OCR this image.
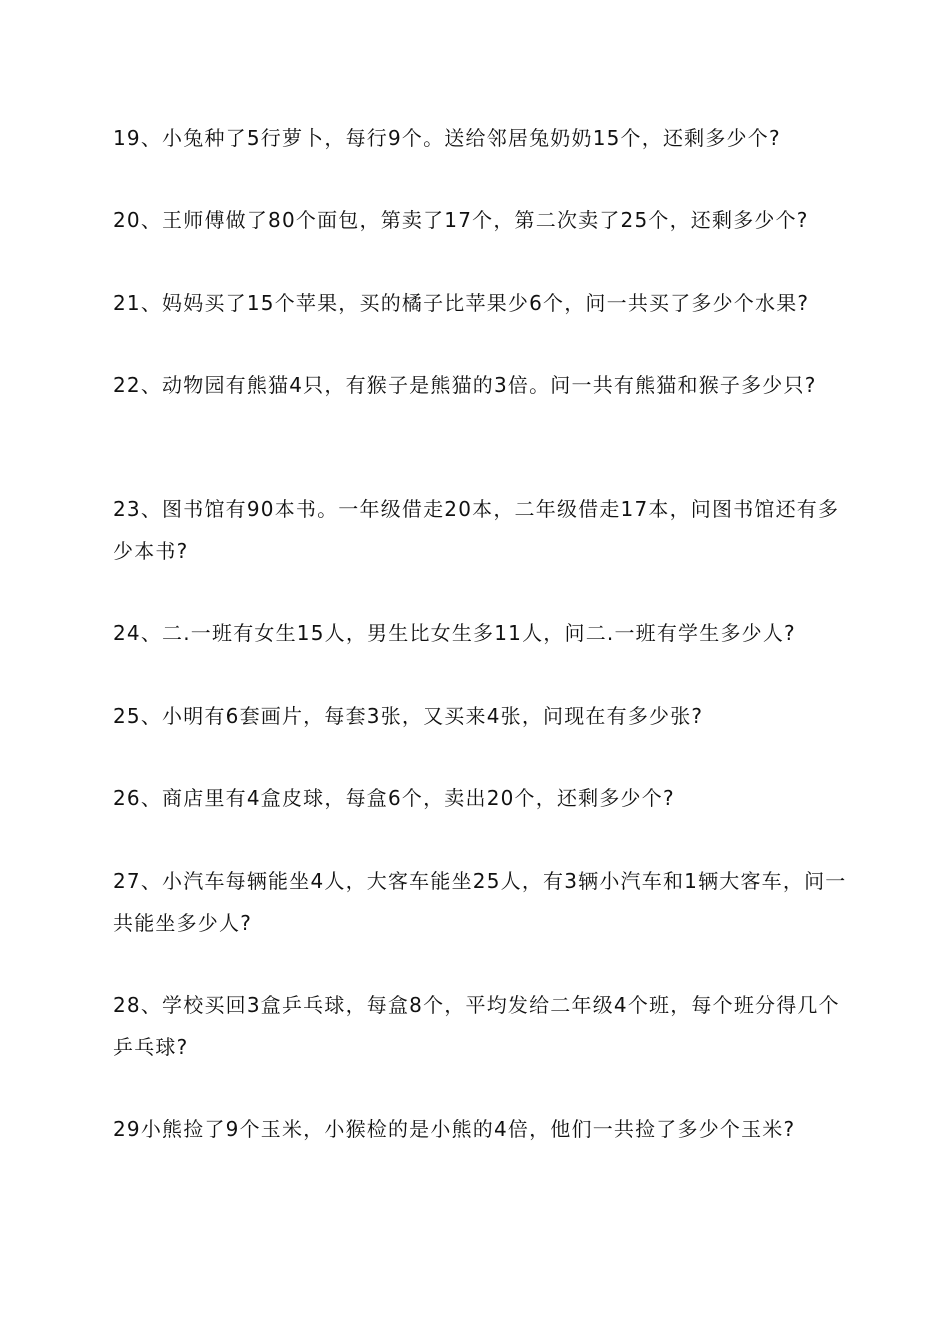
19、小兔种了5行萝卜，每行9个。送给邻居兔奶奶15个，还剩多少个?

20、王师傅做了80个面包，第卖了17个，第二次卖了25个，还剩多少个?

21、妈妈买了15个苹果，买的橘子比苹果少6个，问一共买了多少个水果?

22、动物园有熊猫4只，有猴子是熊猫的3倍。问一共有熊猫和猴子多少只?

23、图书馆有90本书。一年级借走20本，二年级借走17本，问图书馆还有多少本书?

24、二.一班有女生15人，男生比女生多11人，问二.一班有学生多少人?

25、小明有6套画片，每套3张，又买来4张，问现在有多少张?

26、商店里有4盒皮球，每盒6个，卖出20个，还剩多少个?

27、小汽车每辆能坐4人，大客车能坐25人，有3辆小汽车和1辆大客车，问一共能坐多少人?

28、学校买回3盒乒乓球，每盒8个，平均发给二年级4个班，每个班分得几个乒乓球?

29小熊捡了9个玉米，小猴检的是小熊的4倍，他们一共捡了多少个玉米?
